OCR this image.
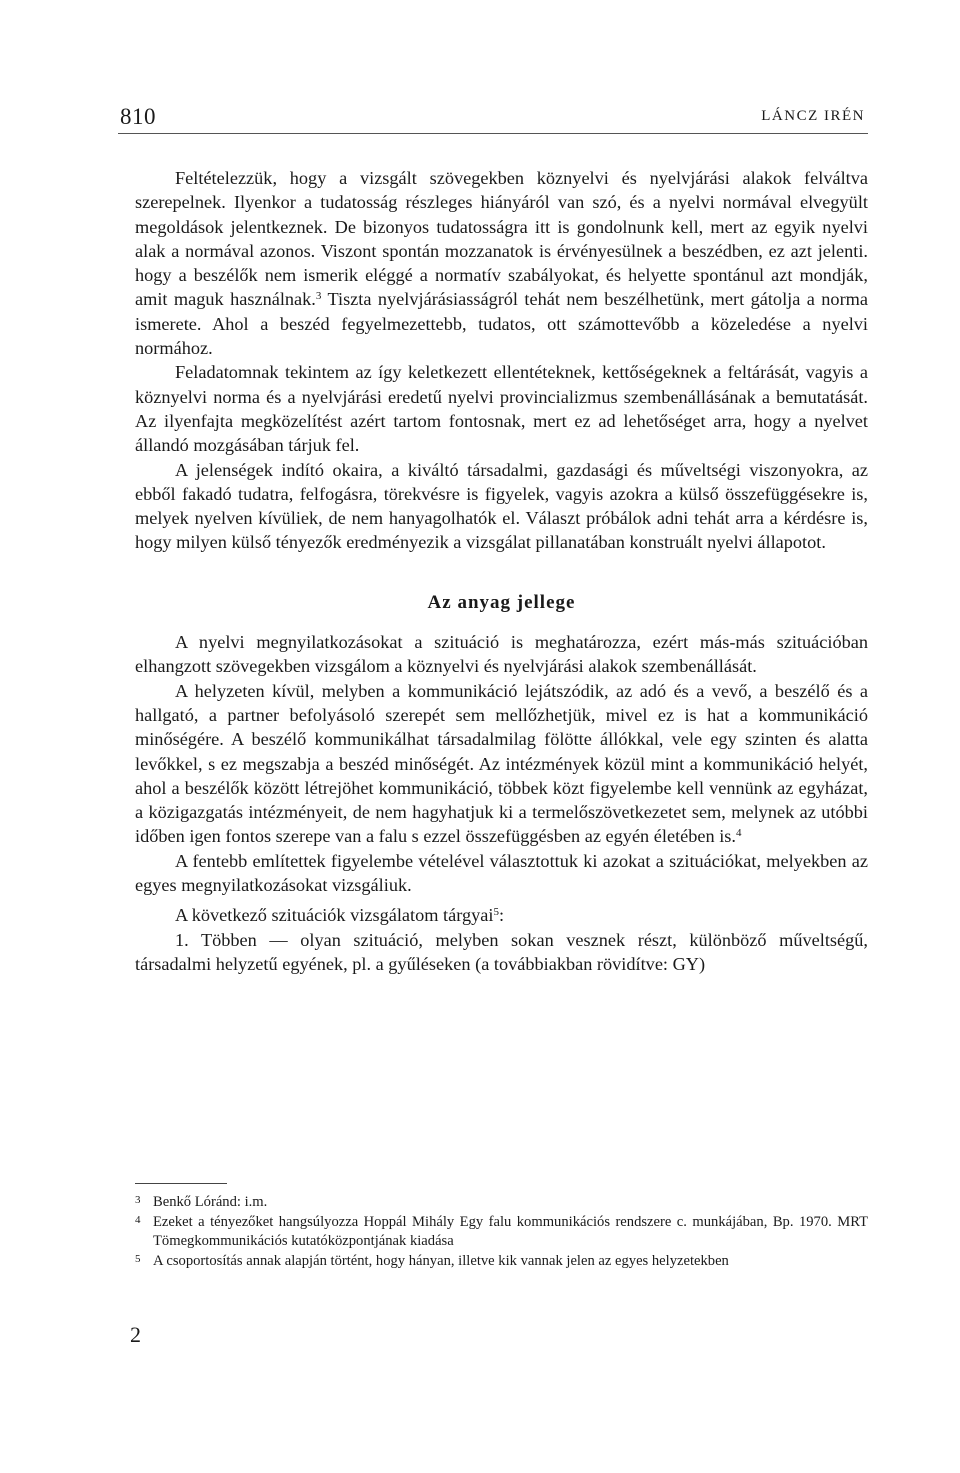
810	LÁNCZ IRÉN

Feltételezzük, hogy a vizsgált szövegekben köznyelvi és nyelvjárási alakok felváltva szerepelnek. Ilyenkor a tudatosság részleges hiányáról van szó, és a nyelvi normával elvegyült megoldások jelentkeznek. De bizonyos tudatosságra itt is gondolnunk kell, mert az egyik nyelvi alak a normával azonos. Viszont spontán mozzanatok is érvényesülnek a beszédben, ez azt jelenti. hogy a beszélők nem ismerik eléggé a normatív szabályokat, és helyette spontánul azt mondják, amit maguk használnak.$^3$ Tiszta nyelvjárásiasságról tehát nem beszélhetünk, mert gátolja a norma ismerete. Ahol a beszéd fegyelmezettebb, tudatos, ott számottevőbb a közeledése a nyelvi normához.

Feladatomnak tekintem az így keletkezett ellentéteknek, kettőségeknek a feltárását, vagyis a köznyelvi norma és a nyelvjárási eredetű nyelvi provincializmus szembenállásának a bemutatását. Az ilyenfajta megközelítést azért tartom fontosnak, mert ez ad lehetőséget arra, hogy a nyelvet állandó mozgásában tárjuk fel.

A jelenségek indító okaira, a kiváltó társadalmi, gazdasági és műveltségi viszonyokra, az ebből fakadó tudatra, felfogásra, törekvésre is figyelek, vagyis azokra a külső összefüggésekre is, melyek nyelven kívüliek, de nem hanyagolhatók el. Választ próbálok adni tehát arra a kérdésre is, hogy milyen külső tényezők eredményezik a vizsgálat pillanatában konstruált nyelvi állapotot.

Az anyag jellege

A nyelvi megnyilatkozásokat a szituáció is meghatározza, ezért más-más szituációban elhangzott szövegekben vizsgálom a köznyelvi és nyelvjárási alakok szembenállását.

A helyzeten kívül, melyben a kommunikáció lejátszódik, az adó és a vevő, a beszélő és a hallgató, a partner befolyásoló szerepét sem mellőzhetjük, mivel ez is hat a kommunikáció minőségére. A beszélő kommunikálhat társadalmilag fölötte állókkal, vele egy szinten és alatta levőkkel, s ez megszabja a beszéd minőségét. Az intézmények közül mint a kommunikáció helyét, ahol a beszélők között létrejöhet kommunikáció, többek közt figyelembe kell vennünk az egyházat, a közigazgatás intézményeit, de nem hagyhatjuk ki a termelőszövetkezetet sem, melynek az utóbbi időben igen fontos szerepe van a falu s ezzel összefüggésben az egyén életében is.$^4$

A fentebb említettek figyelembe vételével választottuk ki azokat a szituációkat, melyekben az egyes megnyilatkozásokat vizsgáliuk.

A következő szituációk vizsgálatom tárgyai$^5$:

1. Többen — olyan szituáció, melyben sokan vesznek részt, különböző műveltségű, társadalmi helyzetű egyének, pl. a gyűléseken (a továbbiakban rövidítve: GY)

3 Benkő Lóránd: i.m.
4 Ezeket a tényezőket hangsúlyozza Hoppál Mihály Egy falu kommunikációs rendszere c. munkájában, Bp. 1970. MRT Tömegkommunikációs kutatóközpontjának kiadása
5 A csoportosítás annak alapján történt, hogy hányan, illetve kik vannak jelen az egyes helyzetekben
2
